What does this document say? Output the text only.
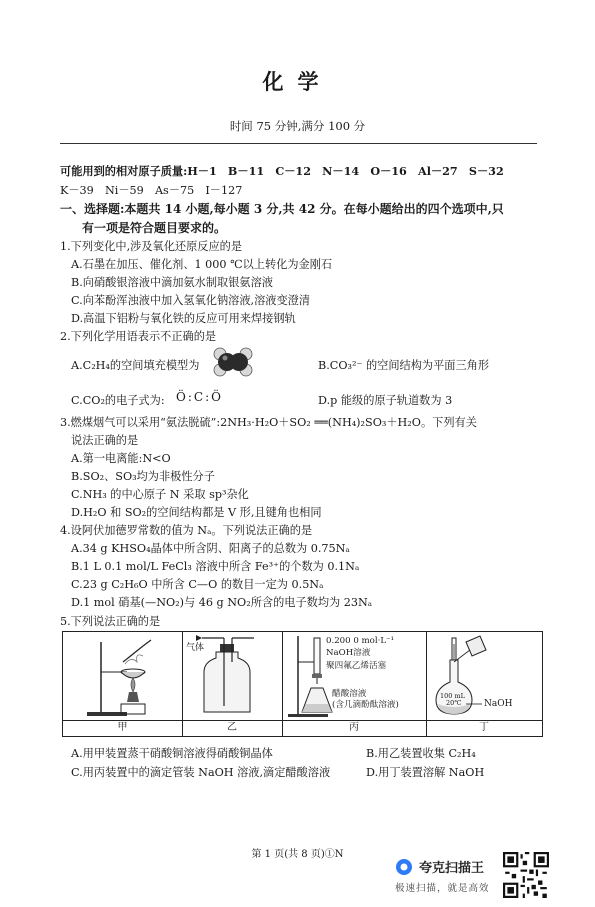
化学
时间 75 分钟,满分 100 分
可能用到的相对原子质量:H－1　B－11　C－12　N－14　O－16　Al－27　S－32
K－39　Ni－59　As－75　I－127
一、选择题:本题共 14 小题,每小题 3 分,共 42 分。在每小题给出的四个选项中,只
有一项是符合题目要求的。
1.下列变化中,涉及氧化还原反应的是
A.石墨在加压、催化剂、1 000 ℃以上转化为金刚石
B.向硝酸银溶液中滴加氨水制取银氨溶液
C.向苯酚浑浊液中加入氢氧化钠溶液,溶液变澄清
D.高温下铝粉与氧化铁的反应可用来焊接钢轨
2.下列化学用语表示不正确的是
A.C₂H₄的空间填充模型为	B.CO₃²⁻ 的空间结构为平面三角形
C.CO₂的电子式为: Ö:C:Ö	D.p 能级的原子轨道数为 3
3.燃煤烟气可以采用“氨法脱硫”:2NH₃·H₂O＋SO₂ ══(NH₄)₂SO₃＋H₂O。下列有关
说法正确的是
A.第一电离能:N<O
B.SO₂、SO₃均为非极性分子
C.NH₃ 的中心原子 N 采取 sp³杂化
D.H₂O 和 SO₂的空间结构都是 V 形,且键角也相同
4.设阿伏加德罗常数的值为 Nₐ。下列说法正确的是
A.34 g KHSO₄晶体中所含阴、阳离子的总数为 0.75Nₐ
B.1 L 0.1 mol/L FeCl₃ 溶液中所含 Fe³⁺的个数为 0.1Nₐ
C.23 g C₂H₆O 中所含 C—O 的数目一定为 0.5Nₐ
D.1 mol 硝基(—NO₂)与 46 g NO₂所含的电子数均为 23Nₐ
5.下列说法正确的是
甲
气体
乙
0.200 0 mol·L⁻¹
NaOH溶液
聚四氟乙烯活塞
醋酸溶液
(含几滴酚酞溶液)
丙
100 mL
20℃ NaOH
丁
A.用甲装置蒸干硝酸铜溶液得硝酸铜晶体	B.用乙装置收集 C₂H₄
C.用丙装置中的滴定管装 NaOH 溶液,滴定醋酸溶液	D.用丁装置溶解 NaOH
第 1 页(共 8 页)①N
夸克扫描王
极速扫描，就是高效
